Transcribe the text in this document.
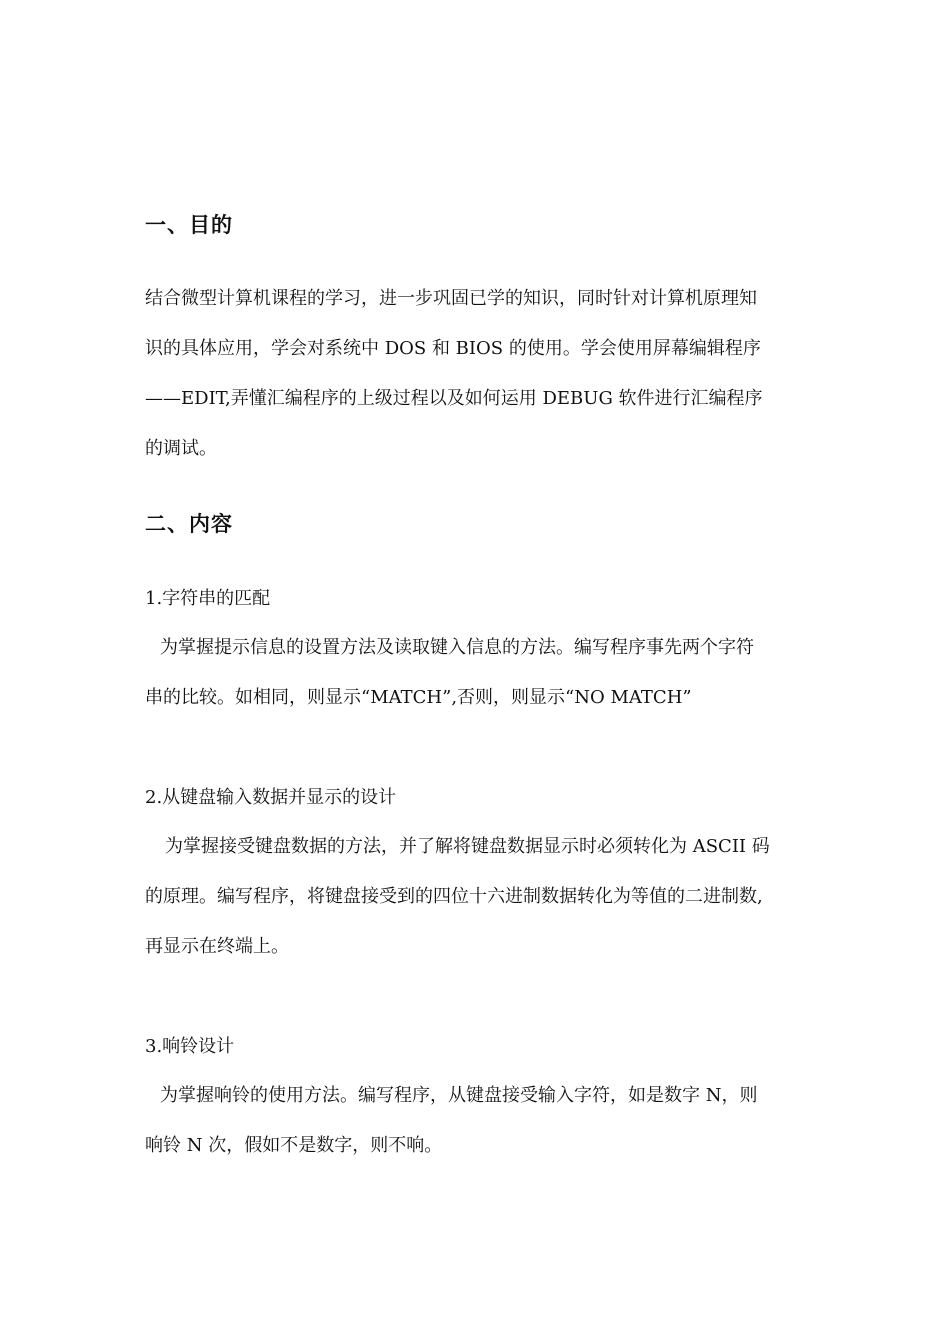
一、目的
结合微型计算机课程的学习，进一步巩固已学的知识，同时针对计算机原理知
识的具体应用，学会对系统中 DOS 和 BIOS 的使用。学会使用屏幕编辑程序
——EDIT,弄懂汇编程序的上级过程以及如何运用 DEBUG 软件进行汇编程序
的调试。
二、内容
1.字符串的匹配
为掌握提示信息的设置方法及读取键入信息的方法。编写程序事先两个字符
串的比较。如相同，则显示“MATCH”,否则，则显示“NO MATCH”
2.从键盘输入数据并显示的设计
为掌握接受键盘数据的方法，并了解将键盘数据显示时必须转化为 ASCII 码
的原理。编写程序，将键盘接受到的四位十六进制数据转化为等值的二进制数,
再显示在终端上。
3.响铃设计
为掌握响铃的使用方法。编写程序，从键盘接受输入字符，如是数字 N，则
响铃 N 次，假如不是数字，则不响。
